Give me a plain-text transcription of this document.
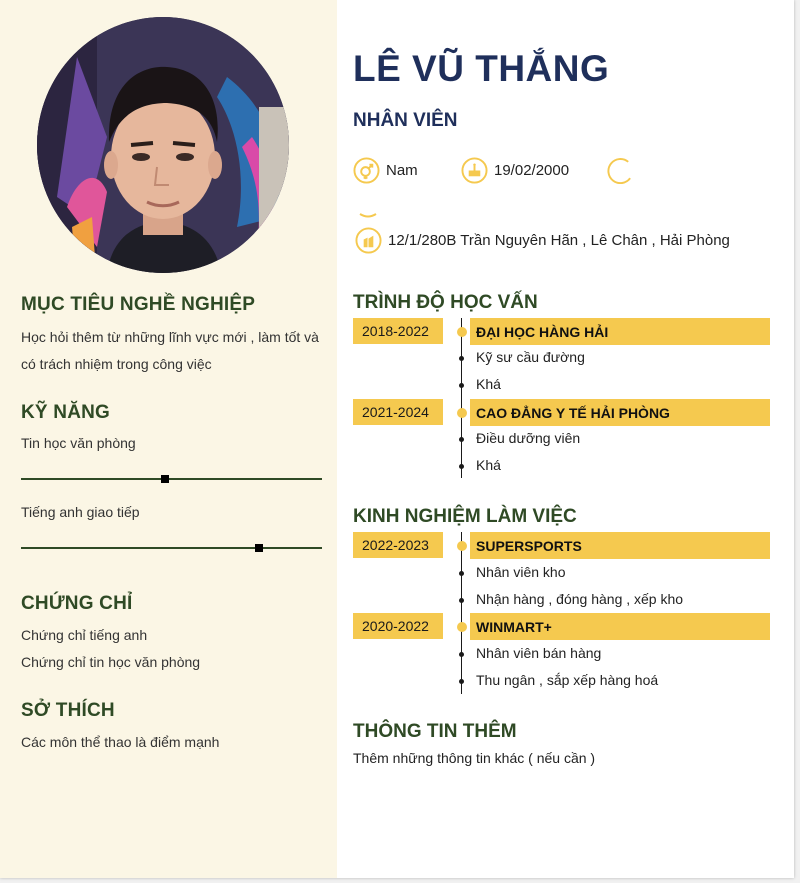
MỤC TIÊU NGHỀ NGHIỆP
Học hỏi thêm từ những lĩnh vực mới , làm tốt và
có trách nhiệm trong công việc
KỸ NĂNG
Tin học văn phòng
Tiếng anh giao tiếp
CHỨNG CHỈ
Chứng chỉ tiếng anh
Chứng chỉ tin học văn phòng
SỞ THÍCH
Các môn thể thao là điểm mạnh
LÊ VŨ THẮNG
NHÂN VIÊN
Nam	19/02/2000
12/1/280B Trần Nguyên Hãn , Lê Chân , Hải Phòng
TRÌNH ĐỘ HỌC VẤN
2018-2022	ĐẠI HỌC HÀNG HẢI
Kỹ sư cầu đường
Khá
2021-2024	CAO ĐẲNG Y TẾ HẢI PHÒNG
Điều dưỡng viên
Khá
KINH NGHIỆM LÀM VIỆC
2022-2023	SUPERSPORTS
Nhân viên kho
Nhận hàng , đóng hàng , xếp kho
2020-2022	WINMART+
Nhân viên bán hàng
Thu ngân , sắp xếp hàng hoá
THÔNG TIN THÊM
Thêm những thông tin khác ( nếu cần )
